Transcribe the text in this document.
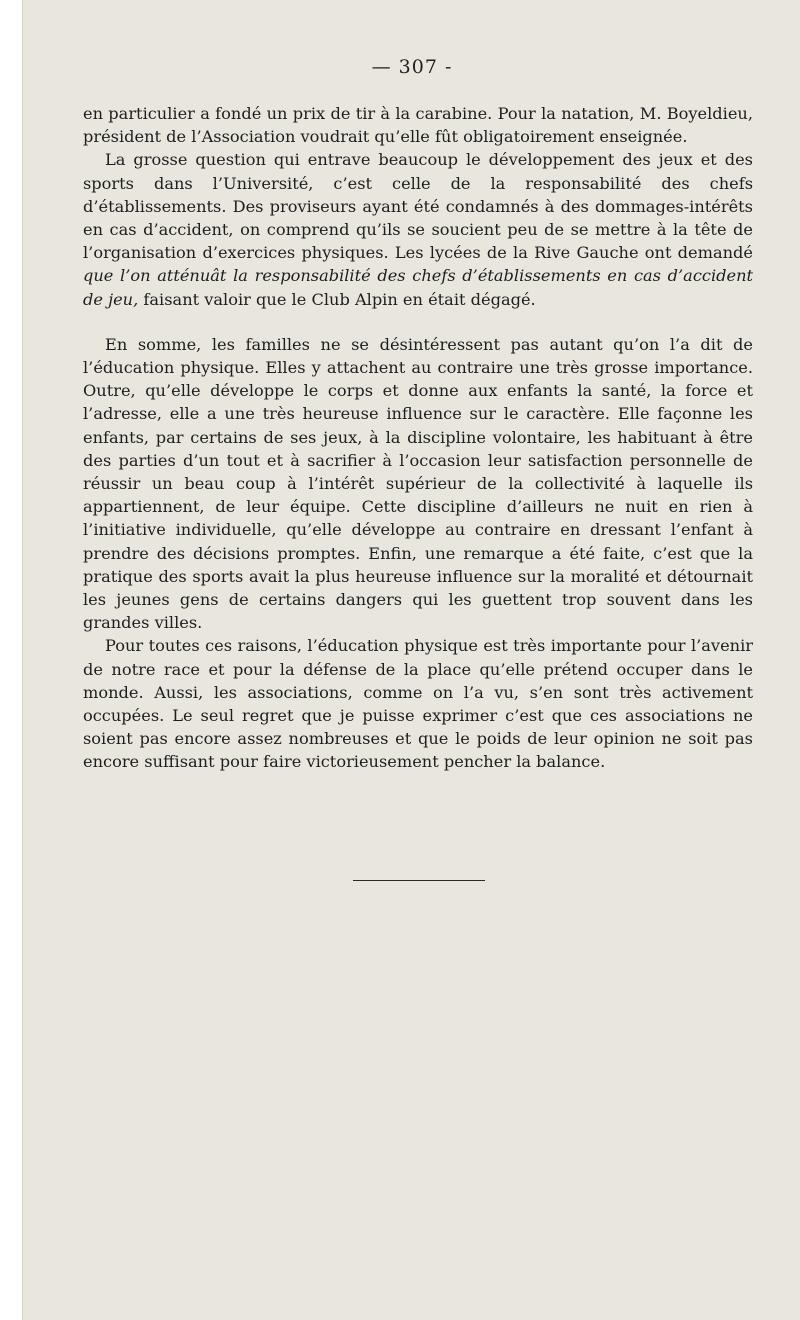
— 307 -

en particulier a fondé un prix de tir à la carabine. Pour la natation, M. Boyeldieu, président de l’Association voudrait qu’elle fût obligatoirement enseignée.

La grosse question qui entrave beaucoup le développement des jeux et des sports dans l’Université, c’est celle de la responsabilité des chefs d’établissements. Des proviseurs ayant été condamnés à des dommages-intérêts en cas d’accident, on comprend qu’ils se soucient peu de se mettre à la tête de l’organisation d’exercices physiques. Les lycées de la Rive Gauche ont demandé que l’on atténuât la responsabilité des chefs d’établissements en cas d’accident de jeu, faisant valoir que le Club Alpin en était dégagé.

En somme, les familles ne se désintéressent pas autant qu’on l’a dit de l’éducation physique. Elles y attachent au contraire une très grosse importance. Outre, qu’elle développe le corps et donne aux enfants la santé, la force et l’adresse, elle a une très heureuse influence sur le caractère. Elle façonne les enfants, par certains de ses jeux, à la discipline volontaire, les habituant à être des parties d’un tout et à sacrifier à l’occasion leur satisfaction personnelle de réussir un beau coup à l’intérêt supérieur de la collectivité à laquelle ils appartiennent, de leur équipe. Cette discipline d’ailleurs ne nuit en rien à l’initiative individuelle, qu’elle développe au contraire en dressant l’enfant à prendre des décisions promptes. Enfin, une remarque a été faite, c’est que la pratique des sports avait la plus heureuse influence sur la moralité et détournait les jeunes gens de certains dangers qui les guettent trop souvent dans les grandes villes.

Pour toutes ces raisons, l’éducation physique est très importante pour l’avenir de notre race et pour la défense de la place qu’elle prétend occuper dans le monde. Aussi, les associations, comme on l’a vu, s’en sont très activement occupées. Le seul regret que je puisse exprimer c’est que ces associations ne soient pas encore assez nombreuses et que le poids de leur opinion ne soit pas encore suffisant pour faire victorieusement pencher la balance.
